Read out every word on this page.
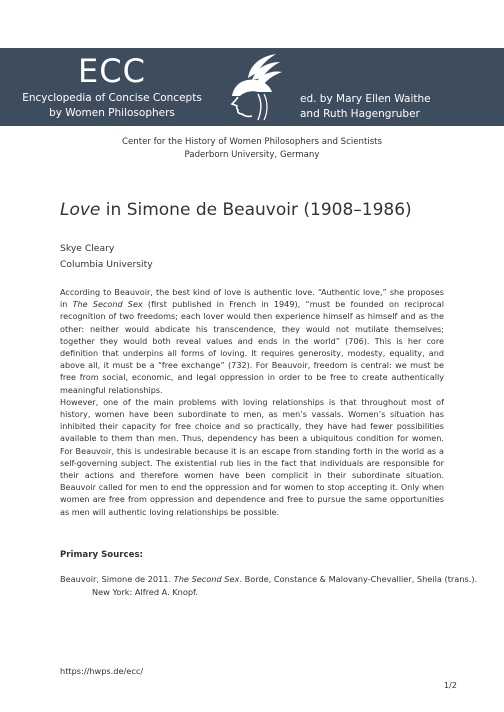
ECC
Encyclopedia of Concise Concepts
by Women Philosophers
ed. by Mary Ellen Waithe
and Ruth Hagengruber
Center for the History of Women Philosophers and Scientists
Paderborn University, Germany
Love in Simone de Beauvoir (1908–1986)
Skye Cleary
Columbia University

According to Beauvoir, the best kind of love is authentic love. “Authentic love,” she proposes in The Second Sex (first published in French in 1949), “must be founded on reciprocal recognition of two freedoms; each lover would then experience himself as himself and as the other: neither would abdicate his transcendence, they would not mutilate themselves; together they would both reveal values and ends in the world” (706). This is her core definition that underpins all forms of loving. It requires generosity, modesty, equality, and above all, it must be a “free exchange” (732). For Beauvoir, freedom is central: we must be free from social, economic, and legal oppression in order to be free to create authentically meaningful relationships.

However, one of the main problems with loving relationships is that throughout most of history, women have been subordinate to men, as men’s vassals. Women’s situation has inhibited their capacity for free choice and so practically, they have had fewer possibilities available to them than men. Thus, dependency has been a ubiquitous condition for women. For Beauvoir, this is undesirable because it is an escape from standing forth in the world as a self-governing subject. The existential rub lies in the fact that individuals are responsible for their actions and therefore women have been complicit in their subordinate situation. Beauvoir called for men to end the oppression and for women to stop accepting it. Only when women are free from oppression and dependence and free to pursue the same opportunities as men will authentic loving relationships be possible.

Primary Sources:
Beauvoir, Simone de 2011. The Second Sex. Borde, Constance & Malovany-Chevallier, Sheila (trans.). New York: Alfred A. Knopf.
https://hwps.de/ecc/
1/2
